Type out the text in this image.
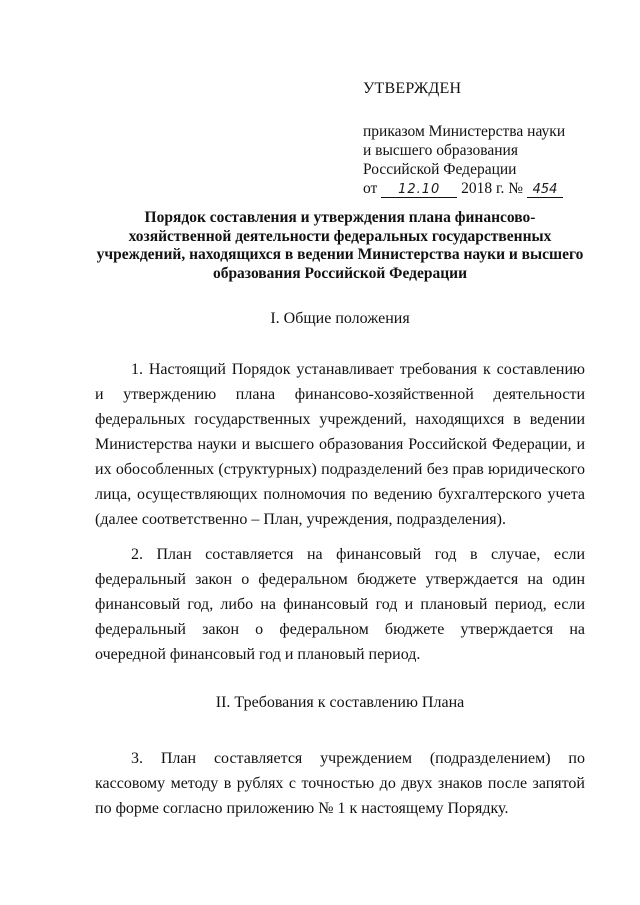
УТВЕРЖДЕН
приказом Министерства науки
и высшего образования
Российской Федерации
от 12.10 2018 г. № 454
Порядок составления и утверждения плана финансово-хозяйственной деятельности федеральных государственных учреждений, находящихся в ведении Министерства науки и высшего образования Российской Федерации
I. Общие положения

1. Настоящий Порядок устанавливает требования к составлению и утверждению плана финансово-хозяйственной деятельности федеральных государственных учреждений, находящихся в ведении Министерства науки и высшего образования Российской Федерации, и их обособленных (структурных) подразделений без прав юридического лица, осуществляющих полномочия по ведению бухгалтерского учета (далее соответственно – План, учреждения, подразделения).

2. План составляется на финансовый год в случае, если федеральный закон о федеральном бюджете утверждается на один финансовый год, либо на финансовый год и плановый период, если федеральный закон о федеральном бюджете утверждается на очередной финансовый год и плановый период.

II. Требования к составлению Плана

3. План составляется учреждением (подразделением) по кассовому методу в рублях с точностью до двух знаков после запятой по форме согласно приложению № 1 к настоящему Порядку.
